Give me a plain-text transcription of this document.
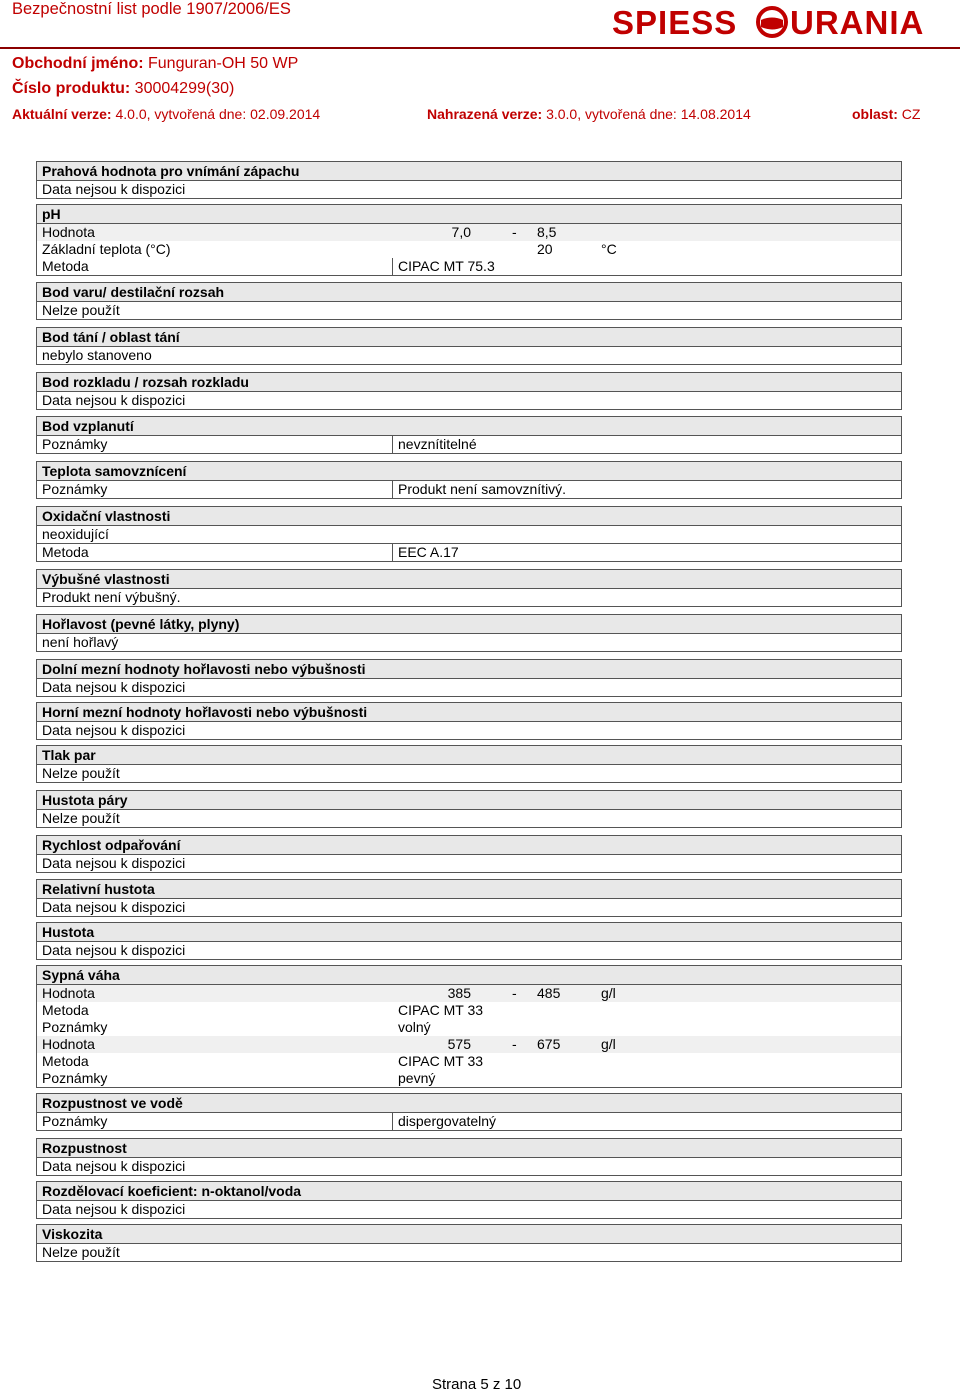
Bezpečnostní list podle 1907/2006/ES	SPIESS URANIA
Obchodní jméno: Funguran-OH 50 WP
Číslo produktu: 30004299(30)
Aktuální verze: 4.0.0, vytvořená dne: 02.09.2014	Nahrazená verze: 3.0.0, vytvořená dne: 14.08.2014	oblast: CZ
Prahová hodnota pro vnímání zápachu
Data nejsou k dispozici
pH
Hodnota	7,0	- 8,5
Základní teplota (°C)	20	°C
Metoda	CIPAC MT 75.3
Bod varu/ destilační rozsah
Nelze použít
Bod tání / oblast tání
nebylo stanoveno
Bod rozkladu / rozsah rozkladu
Data nejsou k dispozici
Bod vzplanutí
Poznámky	nevznítitelné
Teplota samovznícení
Poznámky	Produkt není samovznítivý.
Oxidační vlastnosti
neoxidující
Metoda	EEC A.17
Výbušné vlastnosti
Produkt není výbušný.
Hořlavost (pevné látky, plyny)
není hořlavý
Dolní mezní hodnoty hořlavosti nebo výbušnosti
Data nejsou k dispozici
Horní mezní hodnoty hořlavosti nebo výbušnosti
Data nejsou k dispozici
Tlak par
Nelze použít
Hustota páry
Nelze použít
Rychlost odpařování
Data nejsou k dispozici
Relativní hustota
Data nejsou k dispozici
Hustota
Data nejsou k dispozici
Sypná váha
Hodnota	385	- 485	g/l
Metoda	CIPAC MT 33
Poznámky	volný
Hodnota	575	- 675	g/l
Metoda	CIPAC MT 33
Poznámky	pevný
Rozpustnost ve vodě
Poznámky	dispergovatelný
Rozpustnost
Data nejsou k dispozici
Rozdělovací koeficient: n-oktanol/voda
Data nejsou k dispozici
Viskozita
Nelze použít
Strana 5 z 10
